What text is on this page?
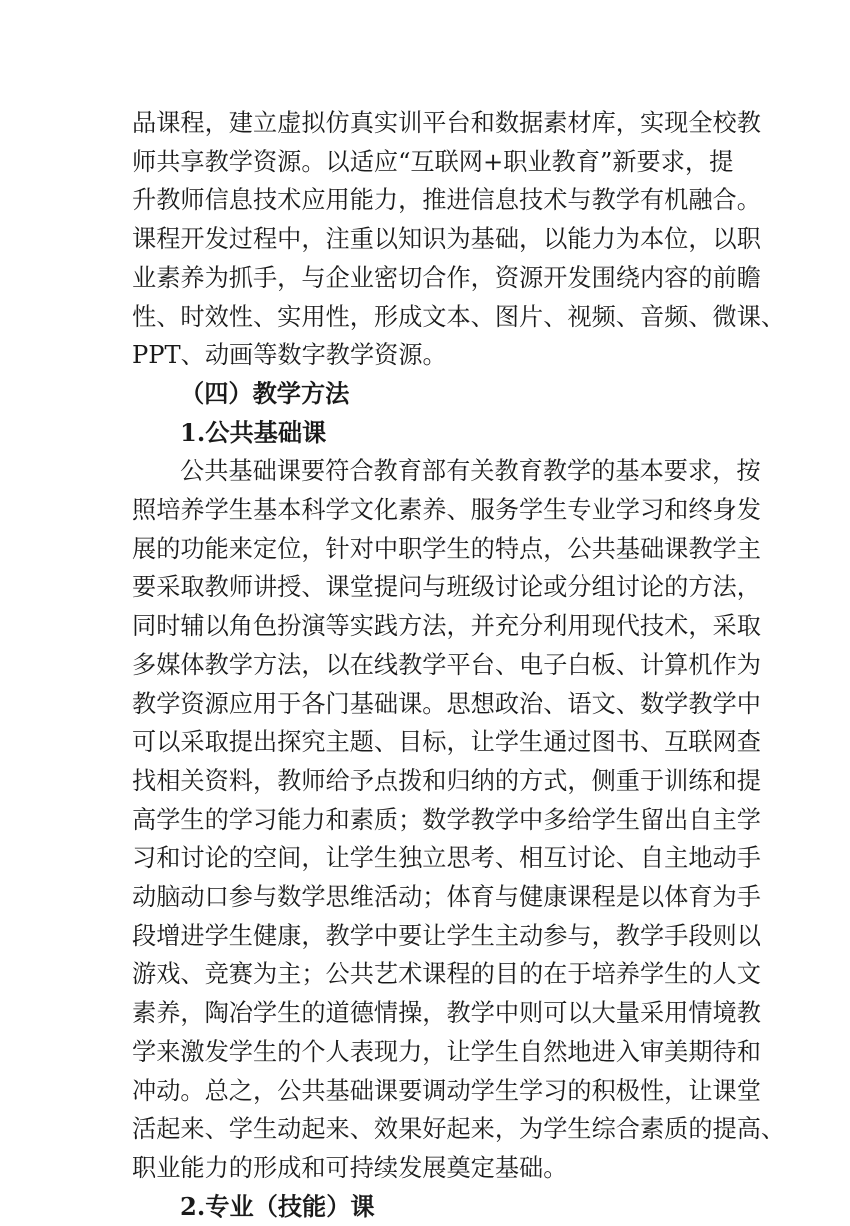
品课程，建立虚拟仿真实训平台和数据素材库，实现全校教
师共享教学资源。以适应“互联网+职业教育”新要求，提
升教师信息技术应用能力，推进信息技术与教学有机融合。
课程开发过程中，注重以知识为基础，以能力为本位，以职
业素养为抓手，与企业密切合作，资源开发围绕内容的前瞻
性、时效性、实用性，形成文本、图片、视频、音频、微课、
PPT、动画等数字教学资源。

（四）教学方法
1.公共基础课

公共基础课要符合教育部有关教育教学的基本要求，按
照培养学生基本科学文化素养、服务学生专业学习和终身发
展的功能来定位，针对中职学生的特点，公共基础课教学主
要采取教师讲授、课堂提问与班级讨论或分组讨论的方法，
同时辅以角色扮演等实践方法，并充分利用现代技术，采取
多媒体教学方法，以在线教学平台、电子白板、计算机作为
教学资源应用于各门基础课。思想政治、语文、数学教学中
可以采取提出探究主题、目标，让学生通过图书、互联网查
找相关资料，教师给予点拨和归纳的方式，侧重于训练和提
高学生的学习能力和素质；数学教学中多给学生留出自主学
习和讨论的空间，让学生独立思考、相互讨论、自主地动手
动脑动口参与数学思维活动；体育与健康课程是以体育为手
段增进学生健康，教学中要让学生主动参与，教学手段则以
游戏、竞赛为主；公共艺术课程的目的在于培养学生的人文
素养，陶冶学生的道德情操，教学中则可以大量采用情境教
学来激发学生的个人表现力，让学生自然地进入审美期待和
冲动。总之，公共基础课要调动学生学习的积极性，让课堂
活起来、学生动起来、效果好起来，为学生综合素质的提高、
职业能力的形成和可持续发展奠定基础。

2.专业（技能）课
